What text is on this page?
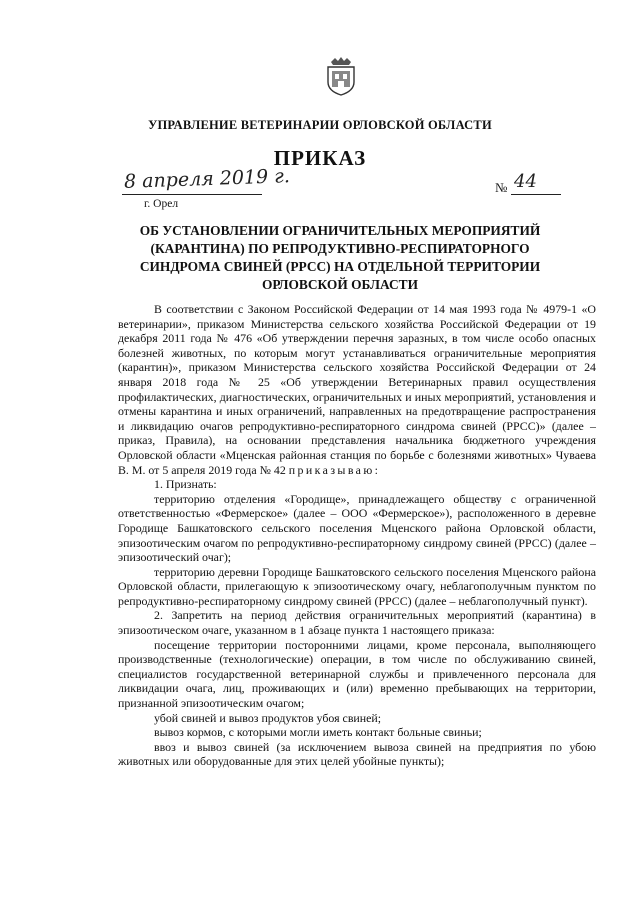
УПРАВЛЕНИЕ ВЕТЕРИНАРИИ ОРЛОВСКОЙ ОБЛАСТИ
ПРИКАЗ
8 апреля 2019 г.
г. Орел
№ 44
ОБ УСТАНОВЛЕНИИ ОГРАНИЧИТЕЛЬНЫХ МЕРОПРИЯТИЙ
(КАРАНТИНА) ПО РЕПРОДУКТИВНО-РЕСПИРАТОРНОГО
СИНДРОМА СВИНЕЙ (РРСС) НА ОТДЕЛЬНОЙ ТЕРРИТОРИИ
ОРЛОВСКОЙ ОБЛАСТИ

В соответствии с Законом Российской Федерации от 14 мая 1993 года № 4979-1 «О ветеринарии», приказом Министерства сельского хозяйства Российской Федерации от 19 декабря 2011 года № 476 «Об утверждении перечня заразных, в том числе особо опасных болезней животных, по которым могут устанавливаться ограничительные мероприятия (карантин)», приказом Министерства сельского хозяйства Российской Федерации от 24 января 2018 года № 25 «Об утверждении Ветеринарных правил осуществления профилактических, диагностических, ограничительных и иных мероприятий, установления и отмены карантина и иных ограничений, направленных на предотвращение распространения и ликвидацию очагов репродуктивно-респираторного синдрома свиней (РРСС)» (далее – приказ, Правила), на основании представления начальника бюджетного учреждения Орловской области «Мценская районная станция по борьбе с болезнями животных» Чуваева В. М. от 5 апреля 2019 года № 42 приказываю:

1. Признать:

территорию отделения «Городище», принадлежащего обществу с ограниченной ответственностью «Фермерское» (далее – ООО «Фермерское»), расположенного в деревне Городище Башкатовского сельского поселения Мценского района Орловской области, эпизоотическим очагом по репродуктивно-респираторному синдрому свиней (РРСС) (далее – эпизоотический очаг);

территорию деревни Городище Башкатовского сельского поселения Мценского района Орловской области, прилегающую к эпизоотическому очагу, неблагополучным пунктом по репродуктивно-респираторному синдрому свиней (РРСС) (далее – неблагополучный пункт).

2. Запретить на период действия ограничительных мероприятий (карантина) в эпизоотическом очаге, указанном в 1 абзаце пункта 1 настоящего приказа:

посещение территории посторонними лицами, кроме персонала, выполняющего производственные (технологические) операции, в том числе по обслуживанию свиней, специалистов государственной ветеринарной службы и привлеченного персонала для ликвидации очага, лиц, проживающих и (или) временно пребывающих на территории, признанной эпизоотическим очагом;

убой свиней и вывоз продуктов убоя свиней;

вывоз кормов, с которыми могли иметь контакт больные свиньи;

ввоз и вывоз свиней (за исключением вывоза свиней на предприятия по убою животных или оборудованные для этих целей убойные пункты);
